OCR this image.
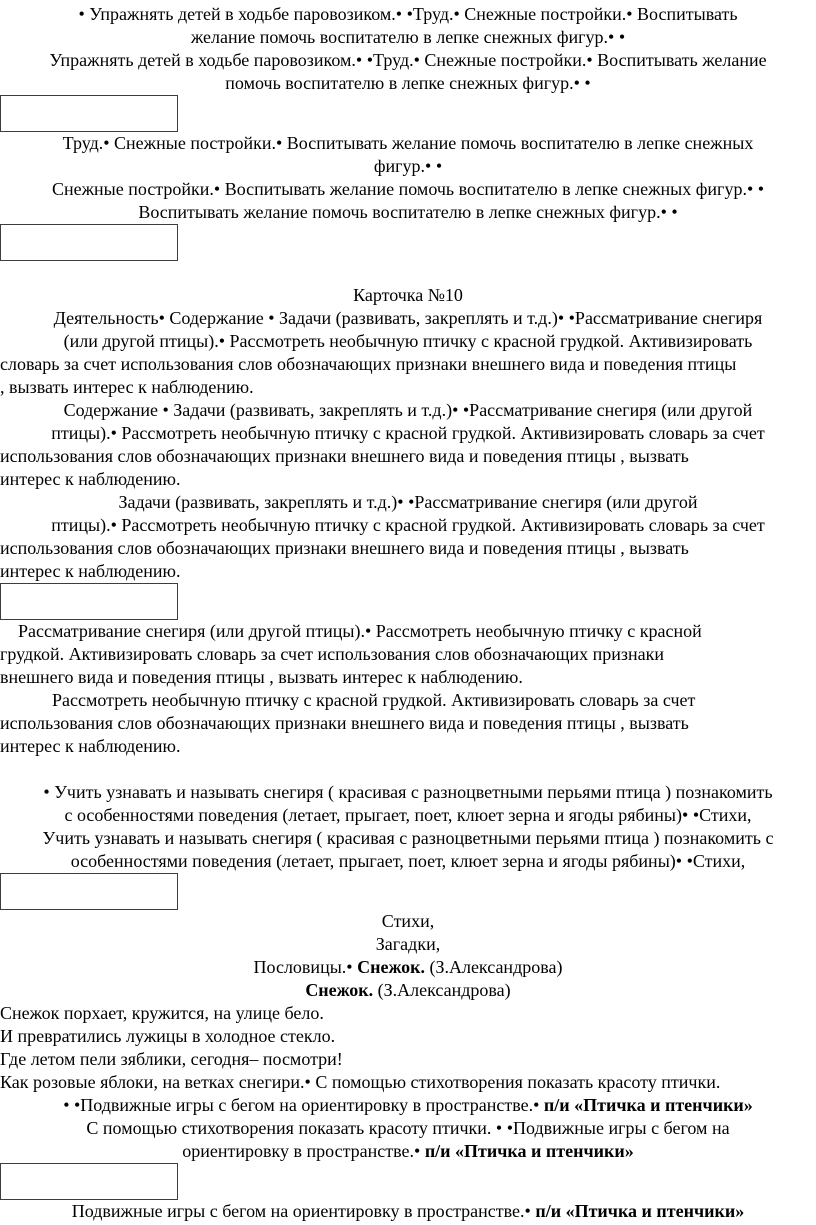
• Упражнять детей в ходьбе паровозиком.• •Труд.• Снежные постройки.• Воспитывать
желание помочь воспитателю в лепке снежных фигур.• •
Упражнять детей в ходьбе паровозиком.• •Труд.• Снежные постройки.• Воспитывать желание
помочь воспитателю в лепке снежных фигур.• •
Труд.• Снежные постройки.• Воспитывать желание помочь воспитателю в лепке снежных
фигур.• •
Снежные постройки.• Воспитывать желание помочь воспитателю в лепке снежных фигур.• •
Воспитывать желание помочь воспитателю в лепке снежных фигур.• •
Карточка №10
Деятельность• Содержание • Задачи (развивать, закреплять и т.д.)• •Рассматривание снегиря
(или другой птицы).• Рассмотреть необычную птичку с красной грудкой. Активизировать
словарь за счет использования слов обозначающих признаки внешнего вида и поведения птицы
, вызвать интерес к наблюдению.
Содержание • Задачи (развивать, закреплять и т.д.)• •Рассматривание снегиря (или другой
птицы).• Рассмотреть необычную птичку с красной грудкой. Активизировать словарь за счет
использования слов обозначающих признаки внешнего вида и поведения птицы , вызвать
интерес к наблюдению.
Задачи (развивать, закреплять и т.д.)• •Рассматривание снегиря (или другой
птицы).• Рассмотреть необычную птичку с красной грудкой. Активизировать словарь за счет
использования слов обозначающих признаки внешнего вида и поведения птицы , вызвать
интерес к наблюдению.
Рассматривание снегиря (или другой птицы).• Рассмотреть необычную птичку с красной
грудкой. Активизировать словарь за счет использования слов обозначающих признаки
внешнего вида и поведения птицы , вызвать интерес к наблюдению.
Рассмотреть необычную птичку с красной грудкой. Активизировать словарь за счет
использования слов обозначающих признаки внешнего вида и поведения птицы , вызвать
интерес к наблюдению.
• Учить узнавать и называть снегиря ( красивая с разноцветными перьями птица ) познакомить
с особенностями поведения (летает, прыгает, поет, клюет зерна и ягоды рябины)• •Стихи,
Учить узнавать и называть снегиря ( красивая с разноцветными перьями птица ) познакомить с
особенностями поведения (летает, прыгает, поет, клюет зерна и ягоды рябины)• •Стихи,
Стихи,
Загадки,
Пословицы.• Снежок. (З.Александрова)
Снежок. (З.Александрова)
Снежок порхает, кружится, на улице бело.
И превратились лужицы в холодное стекло.
Где летом пели зяблики, сегодня– посмотри!
Как розовые яблоки, на ветках снегири.• С помощью стихотворения показать красоту птички.
• •Подвижные игры с бегом на ориентировку в пространстве.• п/и «Птичка и птенчики»
С помощью стихотворения показать красоту птички. • •Подвижные игры с бегом на
ориентировку в пространстве.• п/и «Птичка и птенчики»
Подвижные игры с бегом на ориентировку в пространстве.• п/и «Птичка и птенчики»
